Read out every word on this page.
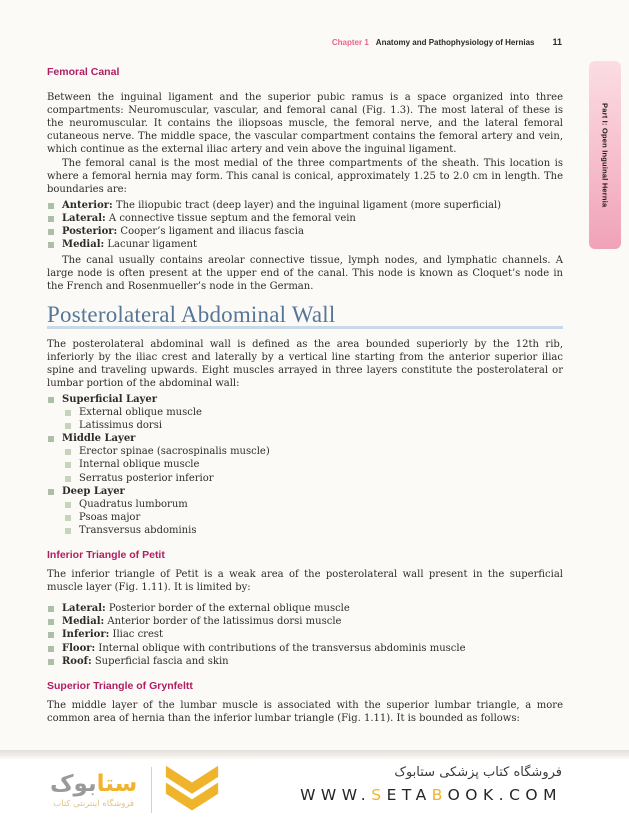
Chapter 1 Anatomy and Pathophysiology of Hernias 11
Part I: Open Inguinal Hernia
Femoral Canal

Between the inguinal ligament and the superior pubic ramus is a space organized into three compartments: Neuromuscular, vascular, and femoral canal (Fig. 1.3). The most lateral of these is the neuromuscular. It contains the iliopsoas muscle, the femoral nerve, and the lateral femoral cutaneous nerve. The middle space, the vascular compartment contains the femoral artery and vein, which continue as the external iliac artery and vein above the inguinal ligament.

The femoral canal is the most medial of the three compartments of the sheath. This location is where a femoral hernia may form. This canal is conical, approximately 1.25 to 2.0 cm in length. The boundaries are:

Anterior: The iliopubic tract (deep layer) and the inguinal ligament (more superficial)
Lateral: A connective tissue septum and the femoral vein
Posterior: Cooper’s ligament and iliacus fascia
Medial: Lacunar ligament

The canal usually contains areolar connective tissue, lymph nodes, and lymphatic channels. A large node is often present at the upper end of the canal. This node is known as Cloquet’s node in the French and Rosenmueller’s node in the German.

Posterolateral Abdominal Wall

The posterolateral abdominal wall is defined as the area bounded superiorly by the 12th rib, inferiorly by the iliac crest and laterally by a vertical line starting from the anterior superior iliac spine and traveling upwards. Eight muscles arrayed in three layers constitute the posterolateral or lumbar portion of the abdominal wall:

Superficial Layer
External oblique muscle
Latissimus dorsi
Middle Layer
Erector spinae (sacrospinalis muscle)
Internal oblique muscle
Serratus posterior inferior
Deep Layer
Quadratus lumborum
Psoas major
Transversus abdominis
Inferior Triangle of Petit

The inferior triangle of Petit is a weak area of the posterolateral wall present in the superficial muscle layer (Fig. 1.11). It is limited by:

Lateral: Posterior border of the external oblique muscle
Medial: Anterior border of the latissimus dorsi muscle
Inferior: Iliac crest
Floor: Internal oblique with contributions of the transversus abdominis muscle
Roof: Superficial fascia and skin
Superior Triangle of Grynfeltt

The middle layer of the lumbar muscle is associated with the superior lumbar triangle, a more common area of hernia than the inferior lumbar triangle (Fig. 1.11). It is bounded as follows:

ستابوک
فروشگاه اینترنتی کتاب
فروشگاه کتاب پزشکی ستابوک
WWW.SETABOOK.COM
